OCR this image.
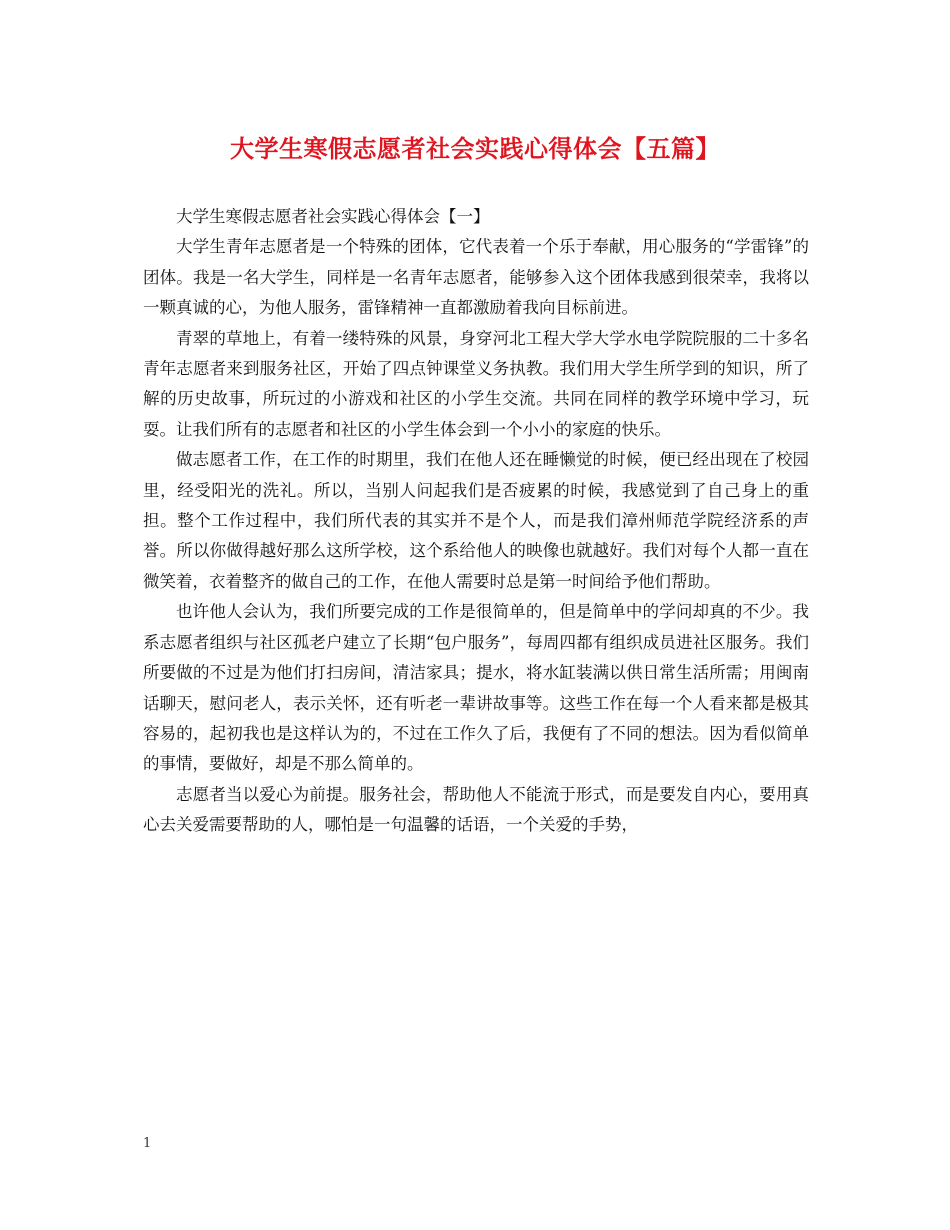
大学生寒假志愿者社会实践心得体会【五篇】

大学生寒假志愿者社会实践心得体会【一】

大学生青年志愿者是一个特殊的团体，它代表着一个乐于奉献，用心服务的“学雷锋”的团体。我是一名大学生，同样是一名青年志愿者，能够参入这个团体我感到很荣幸，我将以一颗真诚的心，为他人服务，雷锋精神一直都激励着我向目标前进。

青翠的草地上，有着一缕特殊的风景，身穿河北工程大学大学水电学院院服的二十多名青年志愿者来到服务社区，开始了四点钟课堂义务执教。我们用大学生所学到的知识，所了解的历史故事，所玩过的小游戏和社区的小学生交流。共同在同样的教学环境中学习，玩耍。让我们所有的志愿者和社区的小学生体会到一个小小的家庭的快乐。

做志愿者工作，在工作的时期里，我们在他人还在睡懒觉的时候，便已经出现在了校园里，经受阳光的洗礼。所以，当别人问起我们是否疲累的时候，我感觉到了自己身上的重担。整个工作过程中，我们所代表的其实并不是个人，而是我们漳州师范学院经济系的声誉。所以你做得越好那么这所学校，这个系给他人的映像也就越好。我们对每个人都一直在微笑着，衣着整齐的做自己的工作，在他人需要时总是第一时间给予他们帮助。

也许他人会认为，我们所要完成的工作是很简单的，但是简单中的学问却真的不少。我系志愿者组织与社区孤老户建立了长期“包户服务”，每周四都有组织成员进社区服务。我们所要做的不过是为他们打扫房间，清洁家具；提水，将水缸装满以供日常生活所需；用闽南话聊天，慰问老人，表示关怀，还有听老一辈讲故事等。这些工作在每一个人看来都是极其容易的，起初我也是这样认为的，不过在工作久了后，我便有了不同的想法。因为看似简单的事情，要做好，却是不那么简单的。

志愿者当以爱心为前提。服务社会，帮助他人不能流于形式，而是要发自内心，要用真心去关爱需要帮助的人，哪怕是一句温馨的话语，一个关爱的手势，

1
